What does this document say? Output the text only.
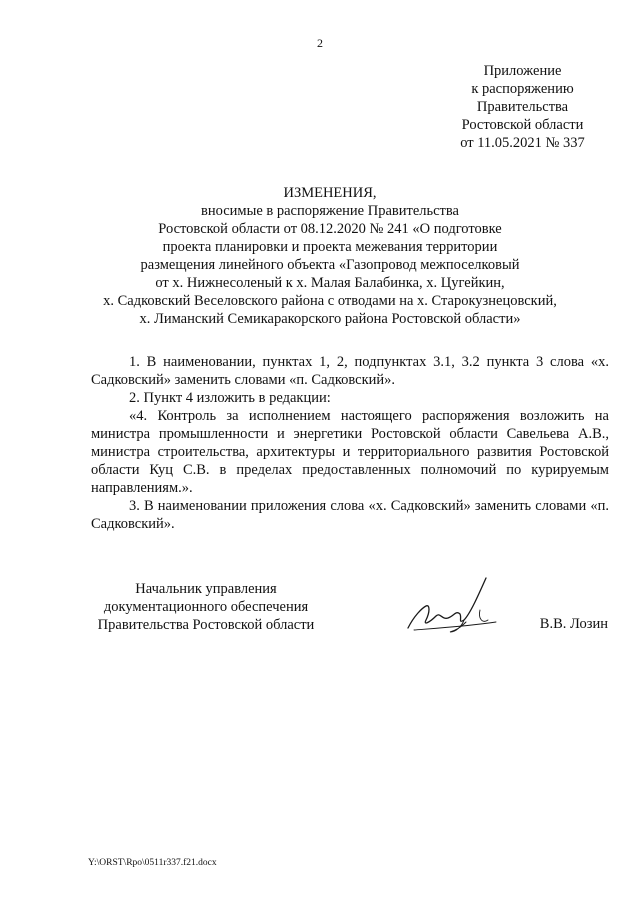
2
Приложение
к распоряжению
Правительства
Ростовской области
от 11.05.2021 № 337
ИЗМЕНЕНИЯ,
вносимые в распоряжение Правительства
Ростовской области от 08.12.2020 № 241 «О подготовке
проекта планировки и проекта межевания территории
размещения линейного объекта «Газопровод межпоселковый
от х. Нижнесоленый к х. Малая Балабинка, х. Цугейкин,
х. Садковский Веселовского района с отводами на х. Старокузнецовский,
х. Лиманский Семикаракорского района Ростовской области»

1. В наименовании, пунктах 1, 2, подпунктах 3.1, 3.2 пункта 3 слова «х. Садковский» заменить словами «п. Садковский».

2. Пункт 4 изложить в редакции:

«4. Контроль за исполнением настоящего распоряжения возложить на министра промышленности и энергетики Ростовской области Савельева А.В., министра строительства, архитектуры и территориального развития Ростовской области Куц С.В. в пределах предоставленных полномочий по курируемым направлениям.».

3. В наименовании приложения слова «х. Садковский» заменить словами «п. Садковский».

Начальник управления
документационного обеспечения
Правительства Ростовской области	В.В. Лозин
Y:\ORST\Rpo\0511r337.f21.docx
